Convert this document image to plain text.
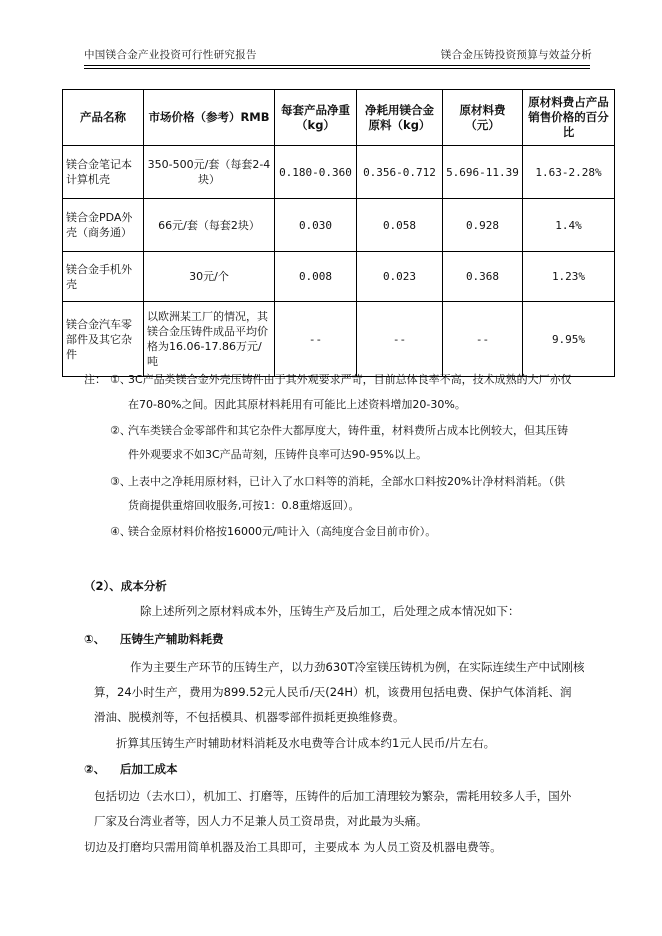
中国镁合金产业投资可行性研究报告	镁合金压铸投资预算与效益分析
产品名称	市场价格（参考）RMB	每套产品净重（kg）	净耗用镁合金原料（kg）	原材料费（元）	原材料费占产品销售价格的百分比
镁合金笔记本计算机壳	350-500元/套（每套2-4块）	0.180-0.360	0.356-0.712	5.696-11.39	1.63-2.28%
镁合金PDA外壳（商务通）	66元/套（每套2块）	0.030	0.058	0.928	1.4%
镁合金手机外壳	30元/个	0.008	0.023	0.368	1.23%
镁合金汽车零部件及其它杂件	以欧洲某工厂的情况，其镁合金压铸件成品平均价格为16.06-17.86万元/吨	--	--	--	9.95%
注： ①、
3C产品类镁合金外壳压铸件由于其外观要求严苛，目前总体良率不高，技术成熟的大厂亦仅
在70-80%之间。因此其原材料耗用有可能比上述资料增加20-30%。
②、
汽车类镁合金零部件和其它杂件大都厚度大，铸件重，材料费所占成本比例较大，但其压铸
件外观要求不如3C产品苛刻，压铸件良率可达90-95%以上。
③、
上表中之净耗用原材料，已计入了水口料等的消耗，全部水口料按20%计净材料消耗。（供
货商提供重熔回收服务,可按1：0.8重熔返回）。
④、
镁合金原材料价格按16000元/吨计入（高纯度合金目前市价）。
（2）、成本分析
除上述所列之原材料成本外，压铸生产及后加工，后处理之成本情况如下：
①、 压铸生产辅助料耗费
作为主要生产环节的压铸生产，以力劲630T冷室镁压铸机为例，在实际连续生产中试刚核
算，24小时生产，费用为899.52元人民币/天(24H）机，该费用包括电费、保护气体消耗、润
滑油、脱模剂等，不包括模具、机器零部件损耗更换维修费。
折算其压铸生产时辅助材料消耗及水电费等合计成本约1元人民币/片左右。
②、 后加工成本
包括切边（去水口），机加工、打磨等，压铸件的后加工清理较为繁杂，需耗用较多人手，国外
厂家及台湾业者等，因人力不足兼人员工资昂贵，对此最为头痛。
切边及打磨均只需用简单机器及治工具即可，主要成本 为人员工资及机器电费等。
